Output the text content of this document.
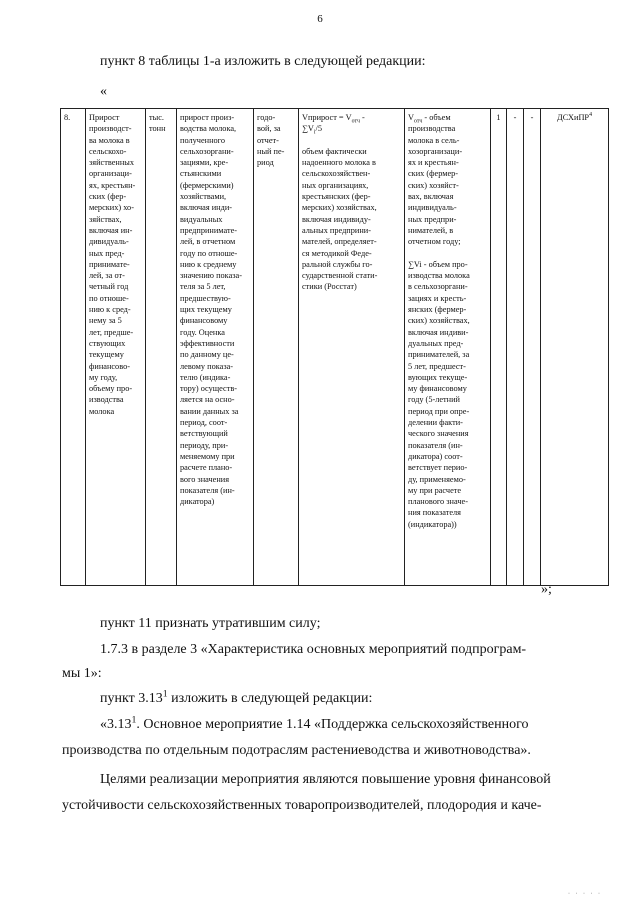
6
пункт 8 таблицы 1-а изложить в следующей редакции:
«
8.	Прирост
производст-
ва молока в
сельскохо-
зяйственных
организаци-
ях, крестьян-
ских (фер-
мерских) хо-
зяйствах,
включая ин-
дивидуаль-
ных пред-
принимате-
лей, за от-
четный год
по отноше-
нию к сред-
нему за 5
лет, предше-
ствующих
текущему
финансово-
му году,
объему про-
изводства
молока	тыс.
тонн	прирост произ-
водства молока,
полученного
сельхозоргани-
зациями, кре-
стьянскими
(фермерскими)
хозяйствами,
включая инди-
видуальных
предпринимате-
лей, в отчетном
году по отноше-
нию к среднему
значению показа-
теля за 5 лет,
предшествую-
щих текущему
финансовому
году. Оценка
эффективности
по данному це-
левому показа-
телю (индика-
тору) осуществ-
ляется на осно-
вании данных за
период, соот-
ветствующий
периоду, при-
меняемому при
расчете плано-
вого значения
показателя (ин-
дикатора)	годо-
вой, за
отчет-
ный пе-
риод	Vприрост = $V_{отч}$ -
$\sum V_i/5$

объем фактически
надоенного молока в
сельскохозяйствен-
ных организациях,
крестьянских (фер-
мерских) хозяйствах,
включая индивиду-
альных предприни-
мателей, определяет-
ся методикой Феде-
ральной службы го-
сударственной стати-
стики (Росстат)	$V_{отч}$ - объем
производства
молока в сель-
хозорганизаци-
ях и крестьян-
ских (фермер-
ских) хозяйст-
вах, включая
индивидуаль-
ных предпри-
нимателей, в
отчетном году;

∑Vi - объем про-
изводства молока
в сельхозоргани-
зациях и кресть-
янских (фермер-
ских) хозяйствах,
включая индиви-
дуальных пред-
принимателей, за
5 лет, предшест-
вующих текуще-
му финансовому
году (5-летний
период при опре-
делении факти-
ческого значения
показателя (ин-
дикатора) соот-
ветствует перио-
ду, применяемо-
му при расчете
планового значе-
ния показателя
(индикатора))	1	-	-	ДСХиПР$^4$
»;
пункт 11 признать утратившим силу;
1.7.3 в разделе 3 «Характеристика основных мероприятий подпрограм-
мы 1»:
пункт 3.13$^1$ изложить в следующей редакции:
«3.13$^1$. Основное мероприятие 1.14 «Поддержка сельскохозяйственного
производства по отдельным подотраслям растениеводства и животноводства».
Целями реализации мероприятия являются повышение уровня финансовой
устойчивости сельскохозяйственных товаропроизводителей, плодородия и каче-
· · · · ·
